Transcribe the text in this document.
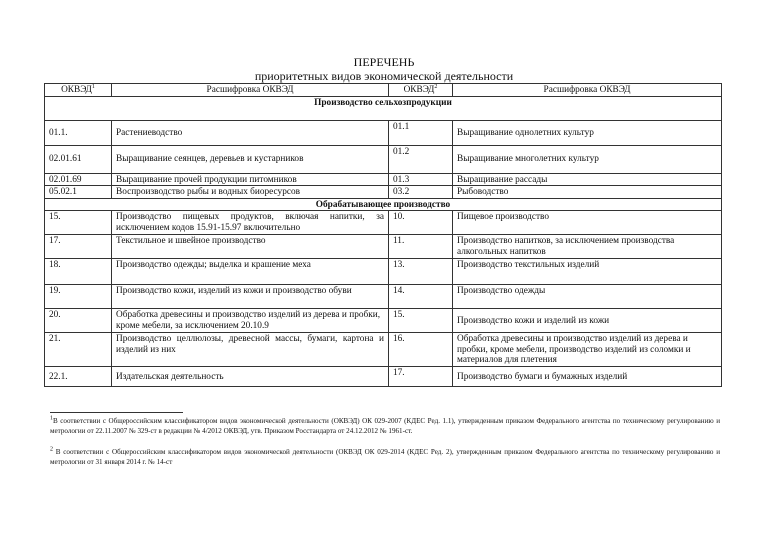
ПЕРЕЧЕНЬ
приоритетных видов экономической деятельности
ОКВЭД$^1$	Расшифровка ОКВЭД	ОКВЭД$^2$	Расшифровка ОКВЭД
Производство сельхозпродукции			
01.1.	Растениеводство	01.1	Выращивание однолетних культур
02.01.61	Выращивание сеянцев, деревьев и кустарников	01.2	Выращивание многолетних культур
02.01.69	Выращивание прочей продукции питомников	01.3	Выращивание рассады
05.02.1	Воспроизводство рыбы и водных биоресурсов	03.2	Рыбоводство
Обрабатывающее производство			
15.	Производство пищевых продуктов, включая напитки, за исключением кодов 15.91-15.97 включительно	10.	Пищевое производство
17.	Текстильное и швейное производство	11.	Производство напитков, за исключением производства алкогольных напитков
18.	Производство одежды; выделка и крашение меха	13.	Производство текстильных изделий
19.	Производство кожи, изделий из кожи и производство обуви	14.	Производство одежды
20.	Обработка древесины и производство изделий из дерева и пробки, кроме мебели, за исключением 20.10.9	15.	Производство кожи и изделий из кожи
21.	Производство целлюлозы, древесной массы, бумаги, картона и изделий из них	16.	Обработка древесины и производство изделий из дерева и пробки, кроме мебели, производство изделий из соломки и материалов для плетения
22.1.	Издательская деятельность	17.	Производство бумаги и бумажных изделий
$^1$В соответствии с Общероссийским классификатором видов экономической деятельности (ОКВЭД) ОК 029-2007 (КДЕС Ред. 1.1), утвержденным приказом Федерального агентства по техническому регулированию и метрологии от 22.11.2007 № 329-ст в редакции № 4/2012 ОКВЭД, утв. Приказом Росстандарта от 24.12.2012 № 1961-ст.
$^2$ В соответствии с Общероссийским классификатором видов экономической деятельности (ОКВЭД ОК 029-2014 (КДЕС Ред. 2), утвержденным приказом Федерального агентства по техническому регулированию и метрологии от 31 января 2014 г. № 14-ст
